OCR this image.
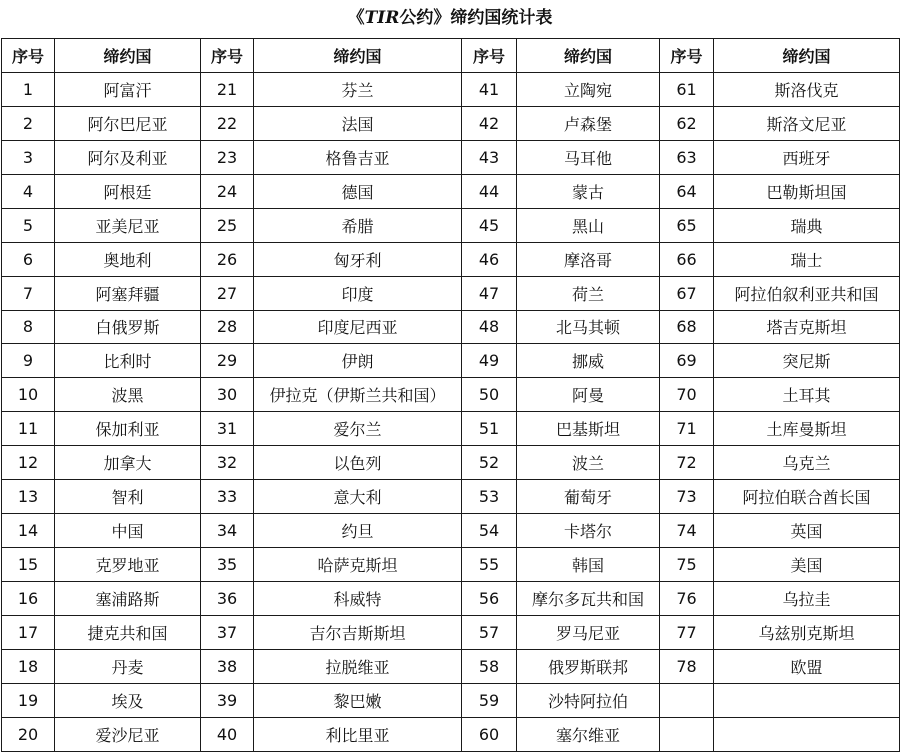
《TIR公约》缔约国统计表
序号	缔约国	序号	缔约国	序号	缔约国	序号	缔约国
1	阿富汗	21	芬兰	41	立陶宛	61	斯洛伐克
2	阿尔巴尼亚	22	法国	42	卢森堡	62	斯洛文尼亚
3	阿尔及利亚	23	格鲁吉亚	43	马耳他	63	西班牙
4	阿根廷	24	德国	44	蒙古	64	巴勒斯坦国
5	亚美尼亚	25	希腊	45	黑山	65	瑞典
6	奥地利	26	匈牙利	46	摩洛哥	66	瑞士
7	阿塞拜疆	27	印度	47	荷兰	67	阿拉伯叙利亚共和国
8	白俄罗斯	28	印度尼西亚	48	北马其顿	68	塔吉克斯坦
9	比利时	29	伊朗	49	挪威	69	突尼斯
10	波黑	30	伊拉克（伊斯兰共和国）	50	阿曼	70	土耳其
11	保加利亚	31	爱尔兰	51	巴基斯坦	71	土库曼斯坦
12	加拿大	32	以色列	52	波兰	72	乌克兰
13	智利	33	意大利	53	葡萄牙	73	阿拉伯联合酋长国
14	中国	34	约旦	54	卡塔尔	74	英国
15	克罗地亚	35	哈萨克斯坦	55	韩国	75	美国
16	塞浦路斯	36	科威特	56	摩尔多瓦共和国	76	乌拉圭
17	捷克共和国	37	吉尔吉斯斯坦	57	罗马尼亚	77	乌兹别克斯坦
18	丹麦	38	拉脱维亚	58	俄罗斯联邦	78	欧盟
19	埃及	39	黎巴嫩	59	沙特阿拉伯		
20	爱沙尼亚	40	利比里亚	60	塞尔维亚		
